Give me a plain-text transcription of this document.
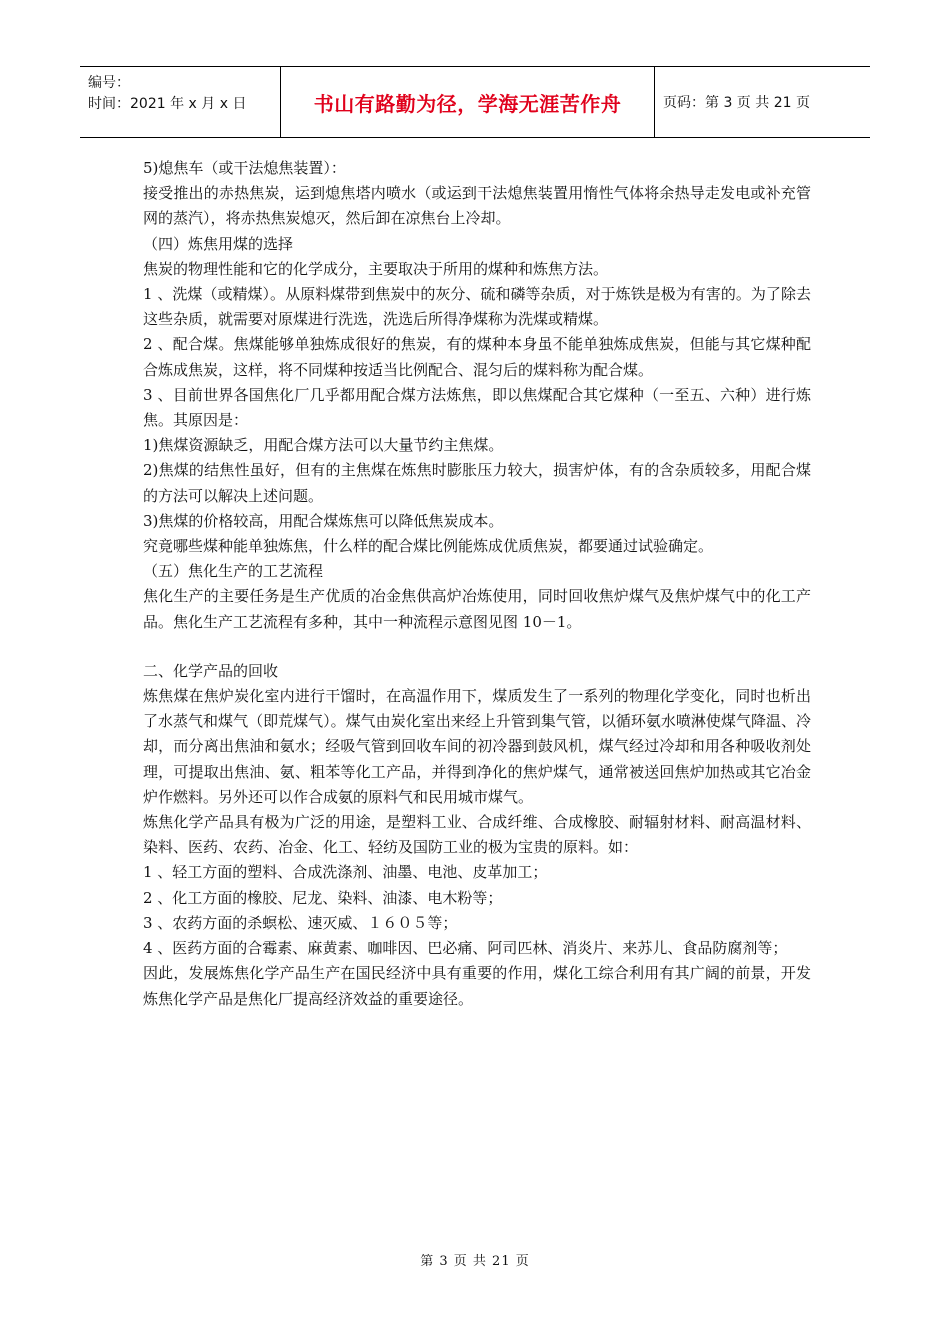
编号：
时间：2021 年 x 月 x 日	书山有路勤为径，学海无涯苦作舟	页码：第 3 页 共 21 页

5)熄焦车（或干法熄焦装置）：

接受推出的赤热焦炭，运到熄焦塔内喷水（或运到干法熄焦装置用惰性气体将余热导走发电或补充管网的蒸汽），将赤热焦炭熄灭，然后卸在凉焦台上冷却。

（四）炼焦用煤的选择

焦炭的物理性能和它的化学成分，主要取决于所用的煤种和炼焦方法。

1 、洗煤（或精煤）。从原料煤带到焦炭中的灰分、硫和磷等杂质，对于炼铁是极为有害的。为了除去这些杂质，就需要对原煤进行洗选，洗选后所得净煤称为洗煤或精煤。

2 、配合煤。焦煤能够单独炼成很好的焦炭，有的煤种本身虽不能单独炼成焦炭，但能与其它煤种配合炼成焦炭，这样，将不同煤种按适当比例配合、混匀后的煤料称为配合煤。

3 、目前世界各国焦化厂几乎都用配合煤方法炼焦，即以焦煤配合其它煤种（一至五、六种）进行炼焦。其原因是：

1)焦煤资源缺乏，用配合煤方法可以大量节约主焦煤。

2)焦煤的结焦性虽好，但有的主焦煤在炼焦时膨胀压力较大，损害炉体，有的含杂质较多，用配合煤的方法可以解决上述问题。

3)焦煤的价格较高，用配合煤炼焦可以降低焦炭成本。

究竟哪些煤种能单独炼焦，什么样的配合煤比例能炼成优质焦炭，都要通过试验确定。

（五）焦化生产的工艺流程

焦化生产的主要任务是生产优质的冶金焦供高炉冶炼使用，同时回收焦炉煤气及焦炉煤气中的化工产品。焦化生产工艺流程有多种，其中一种流程示意图见图 10－1。

二、化学产品的回收

炼焦煤在焦炉炭化室内进行干馏时，在高温作用下，煤质发生了一系列的物理化学变化，同时也析出了水蒸气和煤气（即荒煤气）。煤气由炭化室出来经上升管到集气管，以循环氨水喷淋使煤气降温、冷却，而分离出焦油和氨水；经吸气管到回收车间的初冷器到鼓风机，煤气经过冷却和用各种吸收剂处理，可提取出焦油、氨、粗苯等化工产品，并得到净化的焦炉煤气，通常被送回焦炉加热或其它冶金炉作燃料。另外还可以作合成氨的原料气和民用城市煤气。

炼焦化学产品具有极为广泛的用途，是塑料工业、合成纤维、合成橡胶、耐辐射材料、耐高温材料、染料、医药、农药、冶金、化工、轻纺及国防工业的极为宝贵的原料。如：

1 、轻工方面的塑料、合成洗涤剂、油墨、电池、皮革加工；

2 、化工方面的橡胶、尼龙、染料、油漆、电木粉等；

3 、农药方面的杀螟松、速灭威、１６０５等；

4 、医药方面的合霉素、麻黄素、咖啡因、巴必痛、阿司匹林、消炎片、来苏儿、食品防腐剂等；

因此，发展炼焦化学产品生产在国民经济中具有重要的作用，煤化工综合利用有其广阔的前景，开发炼焦化学产品是焦化厂提高经济效益的重要途径。

第 3 页 共 21 页
